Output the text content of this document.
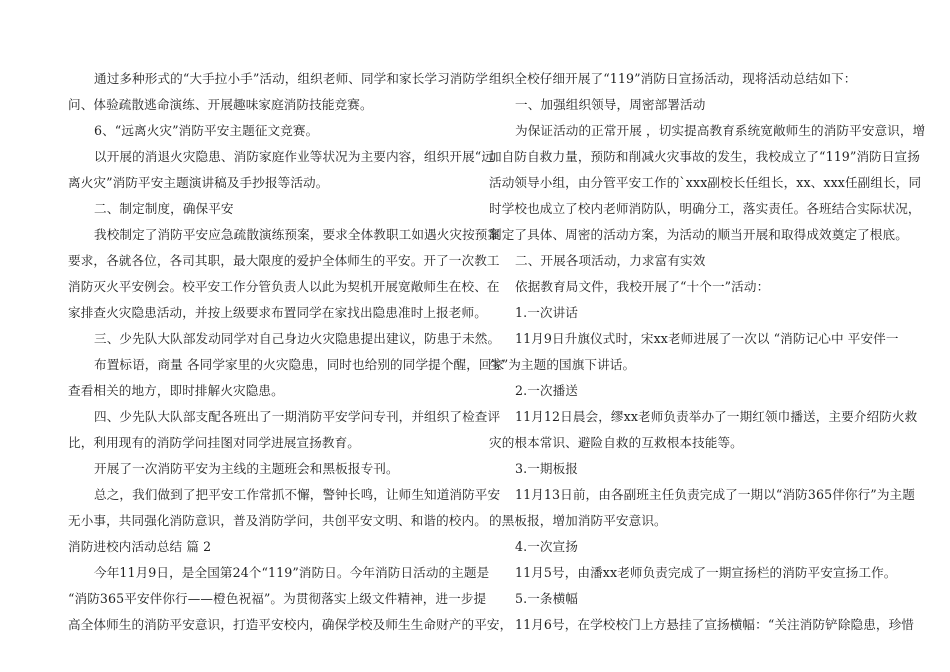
通过多种形式的“大手拉小手”活动，组织老师、同学和家长学习消防学
问、体验疏散逃命演练、开展趣味家庭消防技能竞赛。
6、“远离火灾”消防平安主题征文竞赛。
以开展的消退火灾隐患、消防家庭作业等状况为主要内容，组织开展“远
离火灾”消防平安主题演讲稿及手抄报等活动。
二、制定制度，确保平安
我校制定了消防平安应急疏散演练预案，要求全体教职工如遇火灾按预案
要求，各就各位，各司其职，最大限度的爱护全体师生的平安。开了一次教工
消防灭火平安例会。校平安工作分管负责人以此为契机开展宽敞师生在校、在
家排查火灾隐患活动，并按上级要求布置同学在家找出隐患准时上报老师。
三、少先队大队部发动同学对自己身边火灾隐患提出建议，防患于未然。
布置标语，商量 各同学家里的火灾隐患，同时也给别的同学提个醒，回家
查看相关的地方，即时排解火灾隐患。
四、少先队大队部支配各班出了一期消防平安学问专刊，并组织了检查评
比，利用现有的消防学问挂图对同学进展宣扬教育。
开展了一次消防平安为主线的主题班会和黑板报专刊。
总之，我们做到了把平安工作常抓不懈，警钟长鸣，让师生知道消防平安
无小事，共同强化消防意识，普及消防学问，共创平安文明、和谐的校内。
消防进校内活动总结 篇 2
今年11月9日，是全国第24个“119”消防日。今年消防日活动的主题是
“消防365平安伴你行——橙色祝福”。为贯彻落实上级文件精神，进一步提
高全体师生的消防平安意识，打造平安校内，确保学校及师生生命财产的平安，
组织全校仔细开展了“119”消防日宣扬活动，现将活动总结如下：
一、加强组织领导，周密部署活动
为保证活动的正常开展 ，切实提高教育系统宽敞师生的消防平安意识，增
加自防自救力量，预防和削减火灾事故的发生，我校成立了“119”消防日宣扬
活动领导小组，由分管平安工作的`xxx副校长任组长，xx、xxx任副组长，同
时学校也成立了校内老师消防队，明确分工，落实责任。各班结合实际状况，
制定了具体、周密的活动方案，为活动的顺当开展和取得成效奠定了根底。
二、开展各项活动，力求富有实效
依据教育局文件，我校开展了“十个一”活动：
1.一次讲话
11月9日升旗仪式时，宋xx老师进展了一次以 “消防记心中 平安伴一
生”为主题的国旗下讲话。
2.一次播送
11月12日晨会，缪xx老师负责举办了一期红领巾播送，主要介绍防火救
灾的根本常识、避险自救的互救根本技能等。
3.一期板报
11月13日前，由各副班主任负责完成了一期以“消防365伴你行”为主题
的黑板报，增加消防平安意识。
4.一次宣扬
11月5号，由潘xx老师负责完成了一期宣扬栏的消防平安宣扬工作。
5.一条横幅
11月6号，在学校校门上方悬挂了宣扬横幅：“关注消防铲除隐患，珍惜
